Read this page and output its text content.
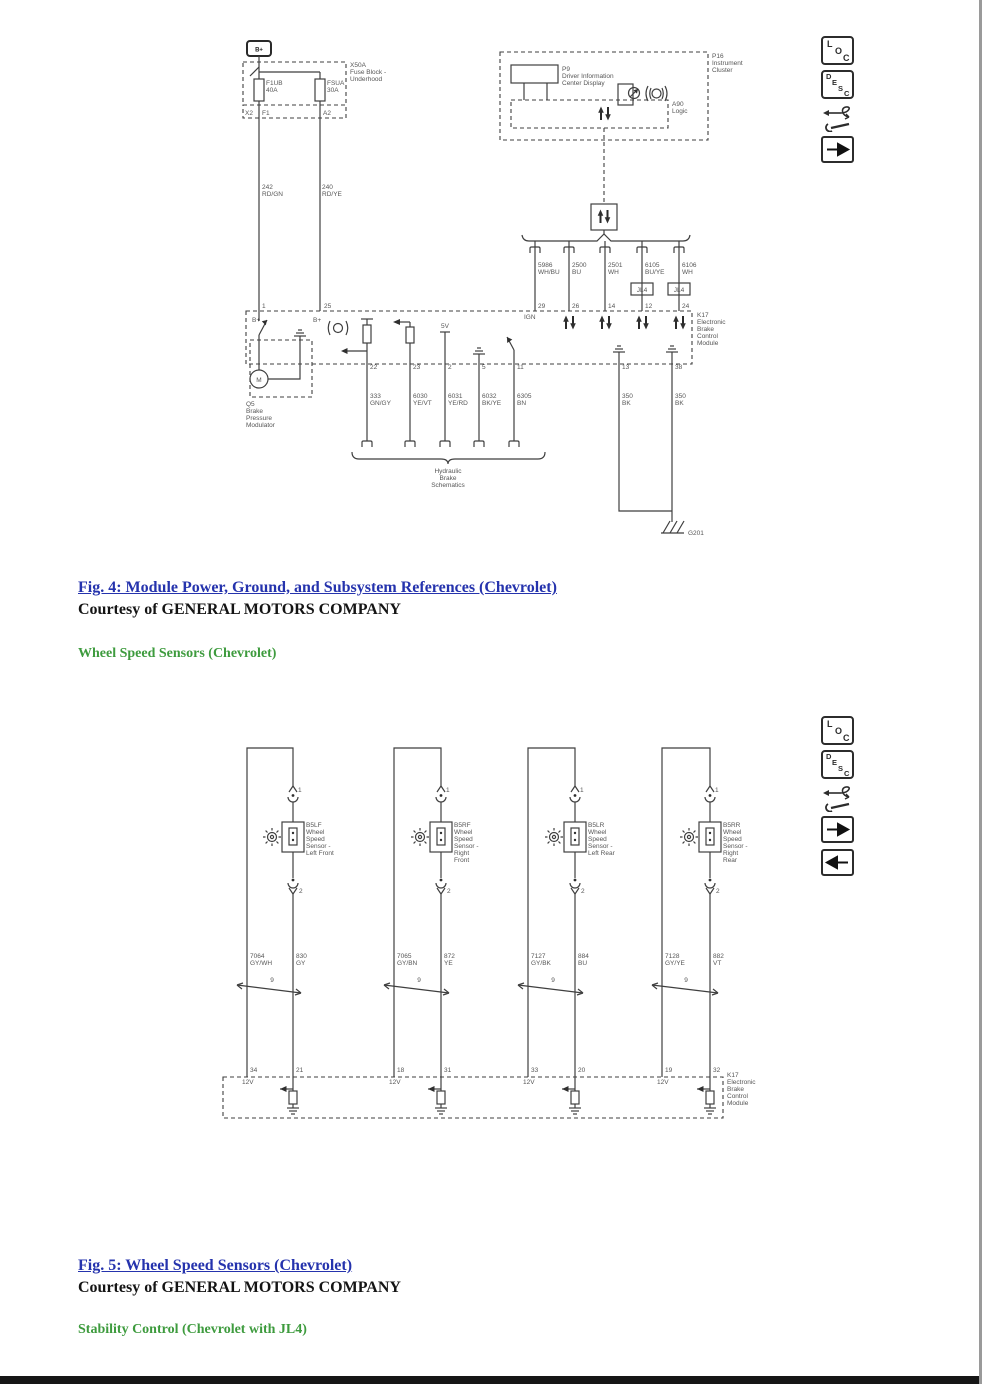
B+
F1UB
40A
FSUA
30A
X50A
Fuse Block -
Underhood
X2 F1	A2
242
RD/GN
240
RD/YE
1	25
P16
Instrument
Cluster
P9
Driver Information
Center Display
A90
Logic
5986
WH/BU
29
IGN
2500
BU
26
2501
WH
14
6105
BU/YE
JL4
12
6106
WH
JL4
24
K17
Electronic
Brake
Control
Module
B+	B+
M
Q5
Brake
Pressure
Modulator
5V
22
333
GN/GY
23
6030
YE/VT
2
6031
YE/RD
5
6032
BK/YE
11
6305
BN
Hydraulic
Brake
Schematics
13	38
350
BK
350
BK
G201
Fig. 4: Module Power, Ground, and Subsystem References (Chevrolet)
Courtesy of GENERAL MOTORS COMPANY
Wheel Speed Sensors (Chevrolet)
L
O
C
D
E
S
C
1
B5LF
Wheel
Speed
Sensor -
Left Front
2
7064
GY/WH
830
GY
9
34
12V
21
1
B5RF
Wheel
Speed
Sensor -
Right
Front
2
7065
GY/BN
872
YE
9
18
12V
31
1
B5LR
Wheel
Speed
Sensor -
Left Rear
2
7127
GY/BK
884
BU
9
33
12V
20
1
B5RR
Wheel
Speed
Sensor -
Right
Rear
2
7128
GY/YE
882
VT
9
19
12V
32
K17
Electronic
Brake
Control
Module
Fig. 5: Wheel Speed Sensors (Chevrolet)
Courtesy of GENERAL MOTORS COMPANY
Stability Control (Chevrolet with JL4)
L
O
C
D
E
S
C
